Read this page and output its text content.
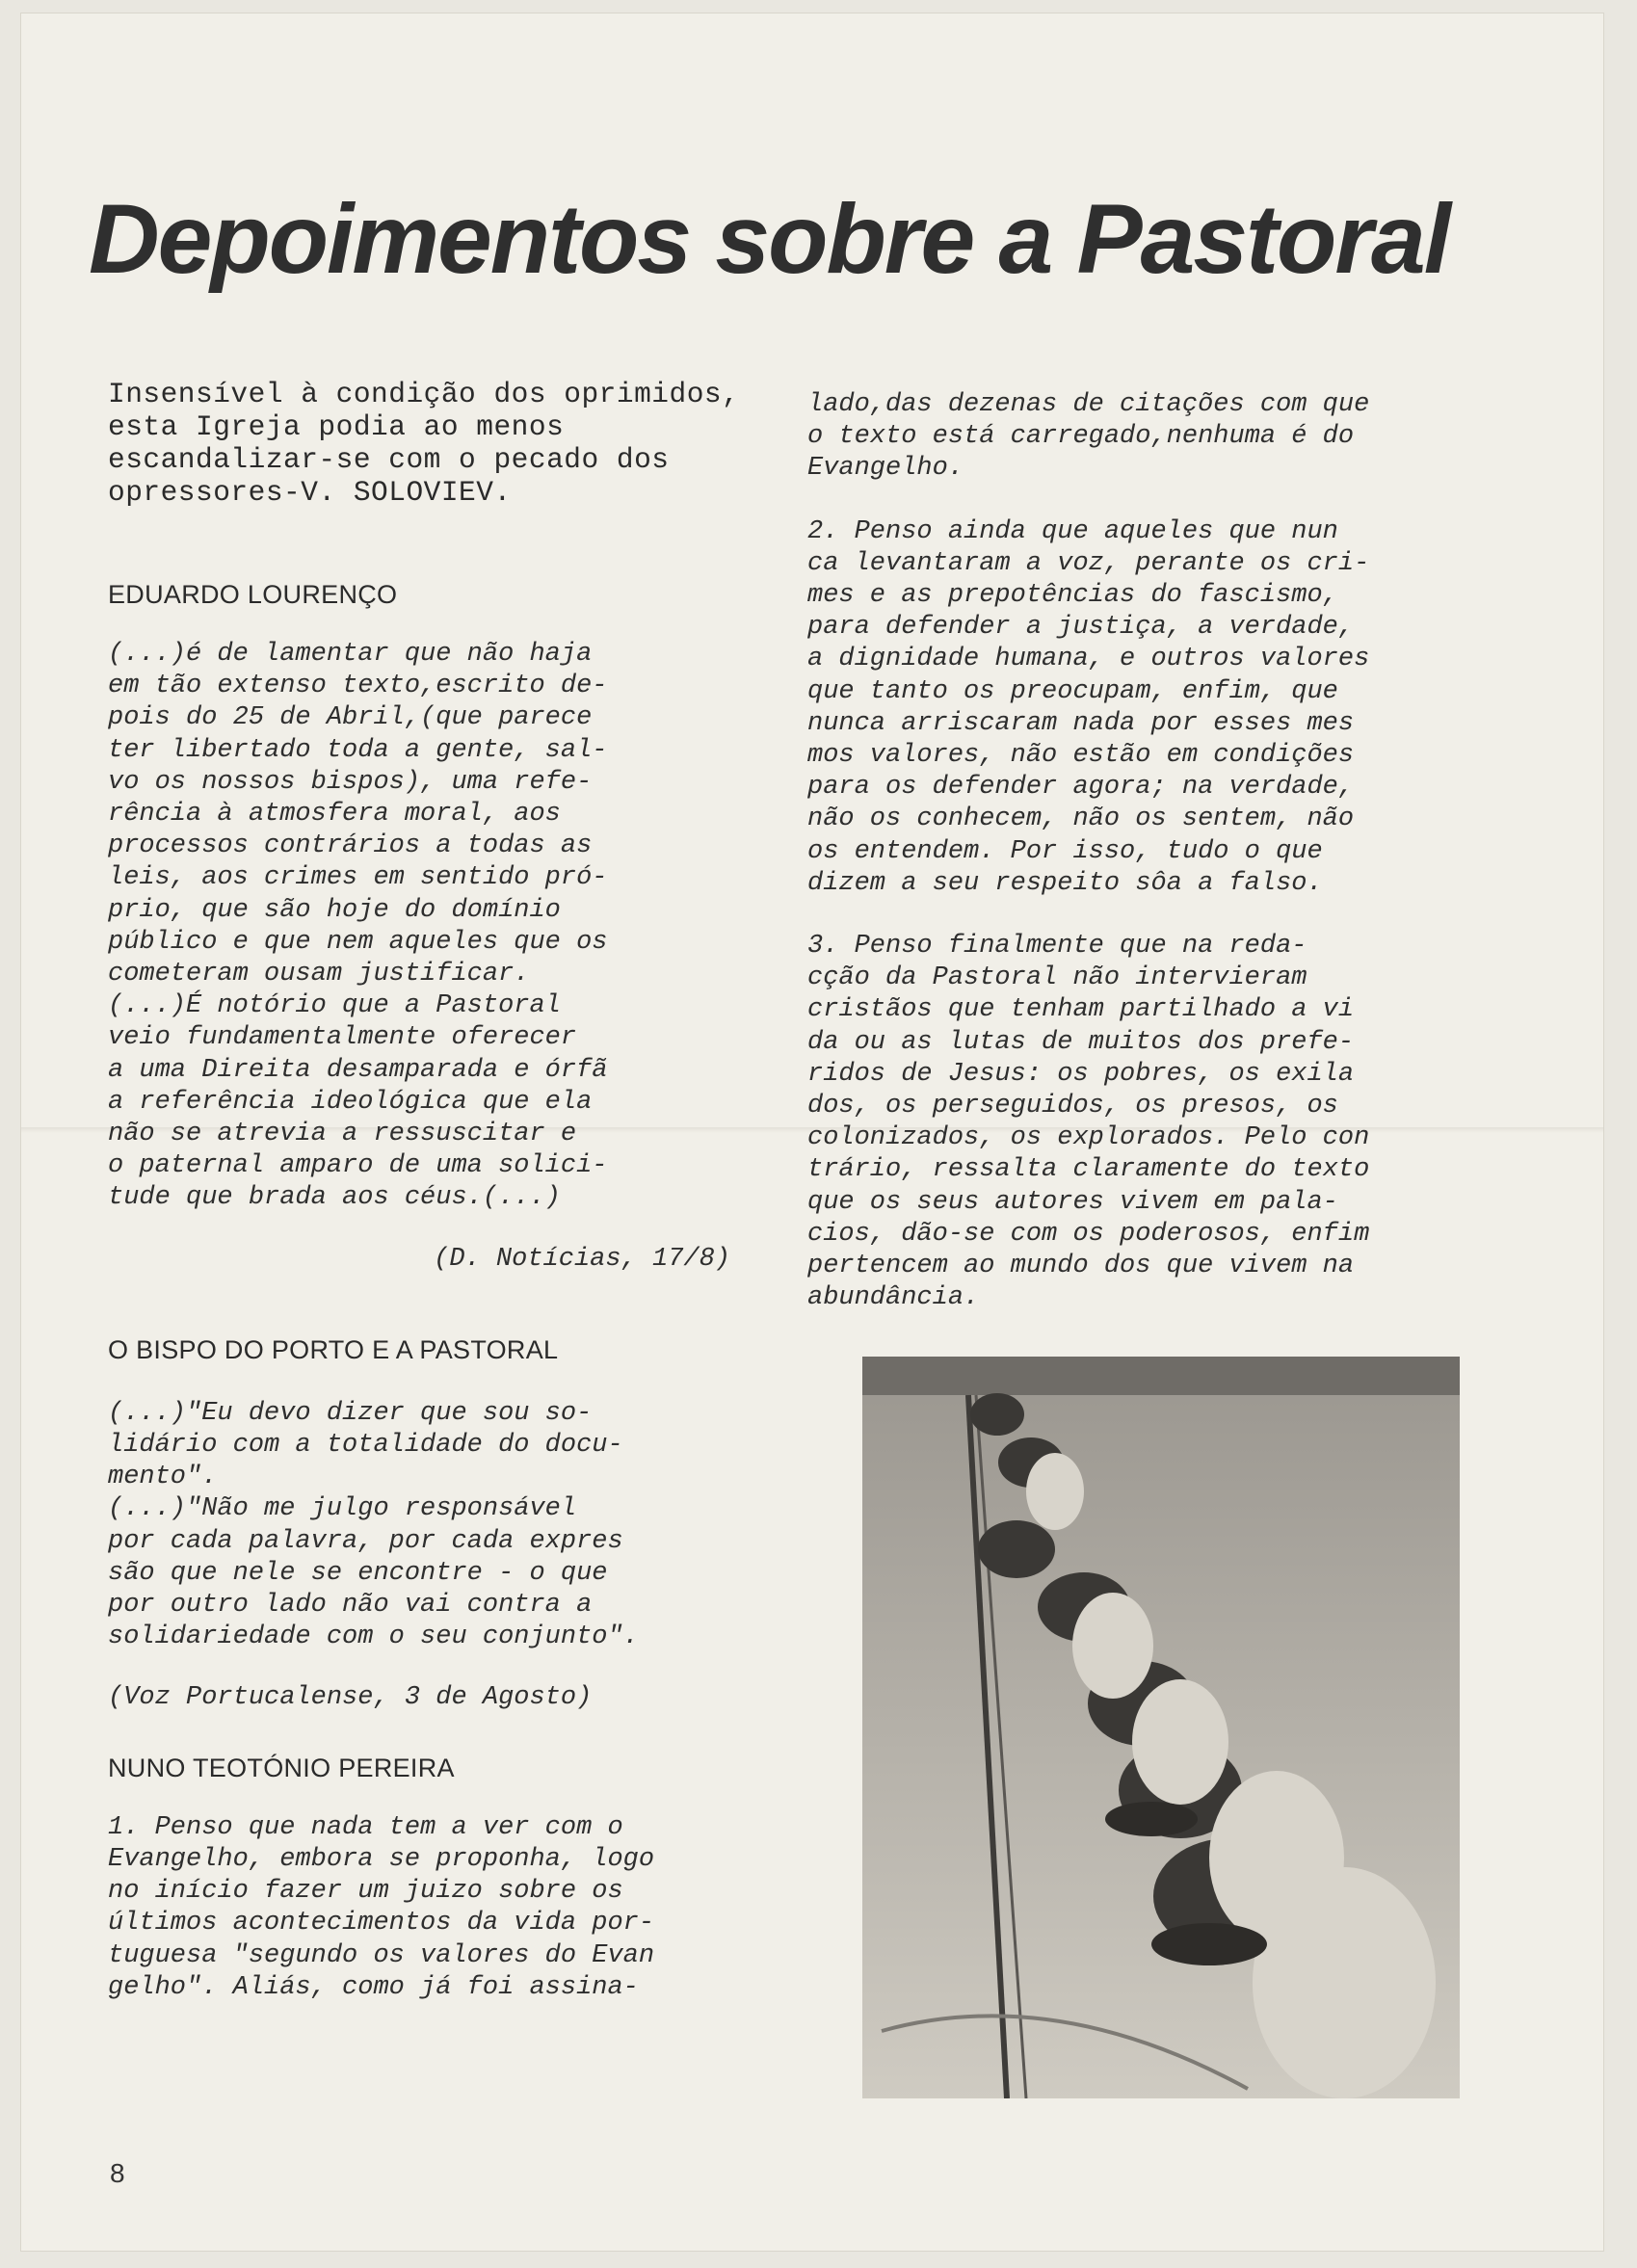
Depoimentos sobre a Pastoral

Insensível à condição dos oprimidos, esta Igreja podia ao menos escandalizar-se com o pecado dos opressores-V. SOLOVIEV.

EDUARDO LOURENÇO

(...)é de lamentar que não haja
em tão extenso texto,escrito de-
pois do 25 de Abril,(que parece
ter libertado toda a gente, sal-
vo os nossos bispos), uma refe-
rência à atmosfera moral, aos
processos contrários a todas as
leis, aos crimes em sentido pró-
prio, que são hoje do domínio
público e que nem aqueles que os
cometeram ousam justificar.

(...)É notório que a Pastoral
veio fundamentalmente oferecer
a uma Direita desamparada e órfã
a referência ideológica que ela
não se atrevia a ressuscitar e
o paternal amparo de uma solici-
tude que brada aos céus.(...)

(D. Notícias, 17/8)

O BISPO DO PORTO E A PASTORAL

(...)"Eu devo dizer que sou so-
lidário com a totalidade do docu-
mento".

(...)"Não me julgo responsável
por cada palavra, por cada expres
são que nele se encontre - o que
por outro lado não vai contra a
solidariedade com o seu conjunto".

(Voz Portucalense, 3 de Agosto)

NUNO TEOTÓNIO PEREIRA

1. Penso que nada tem a ver com o
Evangelho, embora se proponha, logo
no início fazer um juizo sobre os
últimos acontecimentos da vida por-
tuguesa "segundo os valores do Evan
gelho". Aliás, como já foi assina-

lado,das dezenas de citações com que
o texto está carregado,nenhuma é do
Evangelho.

2. Penso ainda que aqueles que nun
ca levantaram a voz, perante os cri-
mes e as prepotências do fascismo,
para defender a justiça, a verdade,
a dignidade humana, e outros valores
que tanto os preocupam, enfim, que
nunca arriscaram nada por esses mes
mos valores, não estão em condições
para os defender agora; na verdade,
não os conhecem, não os sentem, não
os entendem. Por isso, tudo o que
dizem a seu respeito sôa a falso.

3. Penso finalmente que na reda-
cção da Pastoral não intervieram
cristãos que tenham partilhado a vi
da ou as lutas de muitos dos prefe-
ridos de Jesus: os pobres, os exila
dos, os perseguidos, os presos, os
colonizados, os explorados. Pelo con
trário, ressalta claramente do texto
que os seus autores vivem em pala-
cios, dão-se com os poderosos, enfim
pertencem ao mundo dos que vivem na
abundância.

8
